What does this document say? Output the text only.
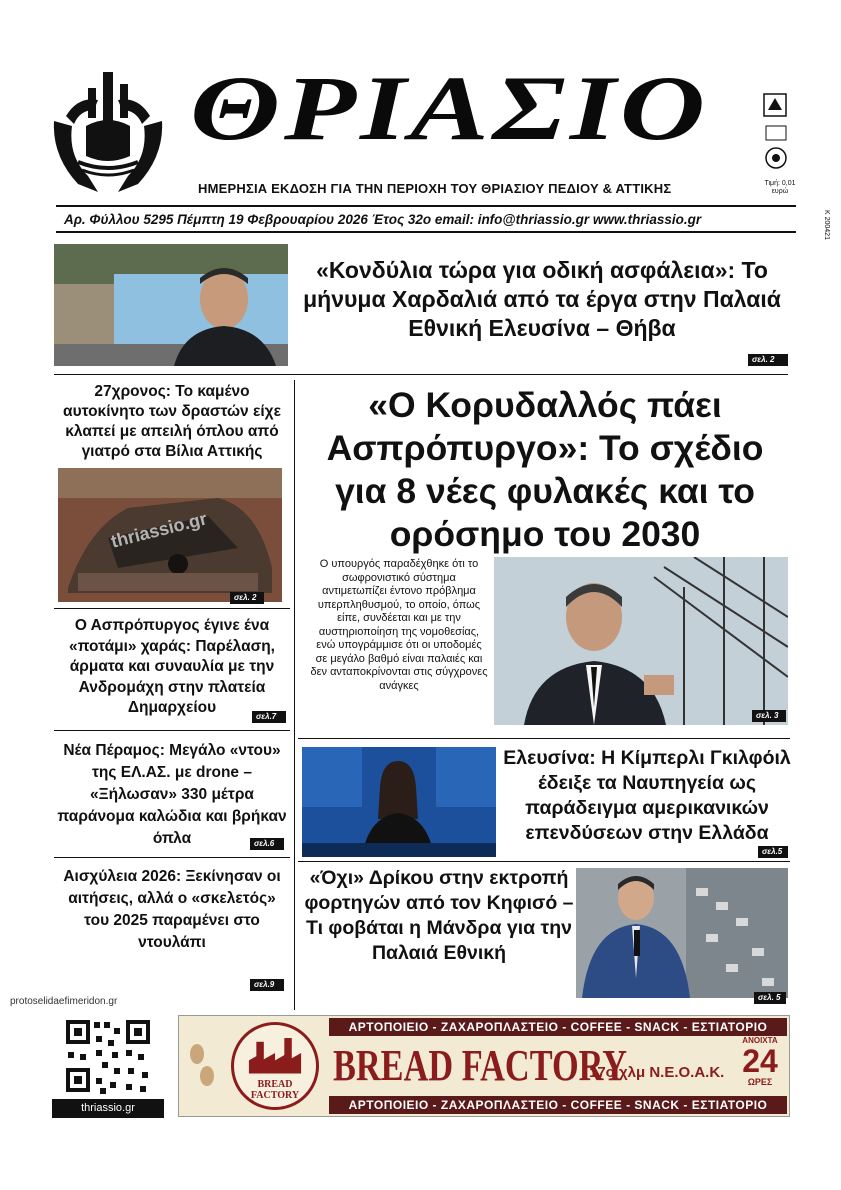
ΘΡΙΑΣΙΟ
ΗΜΕΡΗΣΙΑ ΕΚΔΟΣΗ ΓΙΑ ΤΗΝ ΠΕΡΙΟΧΗ ΤΟΥ ΘΡΙΑΣΙΟΥ ΠΕΔΙΟΥ & ΑΤΤΙΚΗΣ	Τιμή: 0,01 ευρώ
Κ 200421
Αρ. Φύλλου 5295 Πέμπτη 19 Φεβρουαρίου 2026 Έτος 32ο email: info@thriassio.gr www.thriassio.gr
«Κονδύλια τώρα για οδική ασφάλεια»: Το μήνυμα Χαρδαλιά από τα έργα στην Παλαιά Εθνική Ελευσίνα – Θήβα
σελ. 2
27χρονος: Το καμένο αυτοκίνητο των δραστών είχε κλαπεί με απειλή όπλου από γιατρό στα Βίλια Αττικής
thriassio.gr
σελ. 2
«Ο Κορυδαλλός πάει Ασπρόπυργο»: Το σχέδιο για 8 νέες φυλακές και το ορόσημο του 2030
Ο υπουργός παραδέχθηκε ότι το σωφρονιστικό σύστημα αντιμετωπίζει έντονο πρόβλημα υπερπληθυσμού, το οποίο, όπως είπε, συνδέεται και με την αυστηριοποίηση της νομοθεσίας, ενώ υπογράμμισε ότι οι υποδομές σε μεγάλο βαθμό είναι παλαιές και δεν ανταποκρίνονται στις σύγχρονες ανάγκες
σελ. 3
Ο Ασπρόπυργος έγινε ένα «ποτάμι» χαράς: Παρέλαση, άρματα και συναυλία με την Ανδρομάχη στην πλατεία Δημαρχείου
σελ.7
Ελευσίνα: Η Κίμπερλι Γκιλφόιλ έδειξε τα Ναυπηγεία ως παράδειγμα αμερικανικών επενδύσεων στην Ελλάδα
σελ.5
Νέα Πέραμος: Μεγάλο «ντου» της ΕΛ.ΑΣ. με drone – «Ξήλωσαν» 330 μέτρα παράνομα καλώδια και βρήκαν όπλα	σελ.6
Αισχύλεια 2026: Ξεκίνησαν οι αιτήσεις, αλλά ο «σκελετός» του 2025 παραμένει στο ντουλάπι
σελ.9
«Όχι» Δρίκου στην εκτροπή φορτηγών από τον Κηφισό – Τι φοβάται η Μάνδρα για την Παλαιά Εθνική
σελ. 5
protoselidaefimeridon.gr
thriassio.gr
ΑΡΤΟΠΟΙΕΙΟ - ΖΑΧΑΡΟΠΛΑΣΤΕΙΟ - COFFEE - SNACK - ΕΣΤΙΑΤΟΡΙΟ
ΑΡΤΟΠΟΙΕΙΟ - ΖΑΧΑΡΟΠΛΑΣΤΕΙΟ - COFFEE - SNACK - ΕΣΤΙΑΤΟΡΙΟ
BREAD FACTORY
BREAD FACTORY
17ο χλμ Ν.Ε.Ο.Α.Κ.
ΑΝΟΙΧΤΑ
24
ΩΡΕΣ
